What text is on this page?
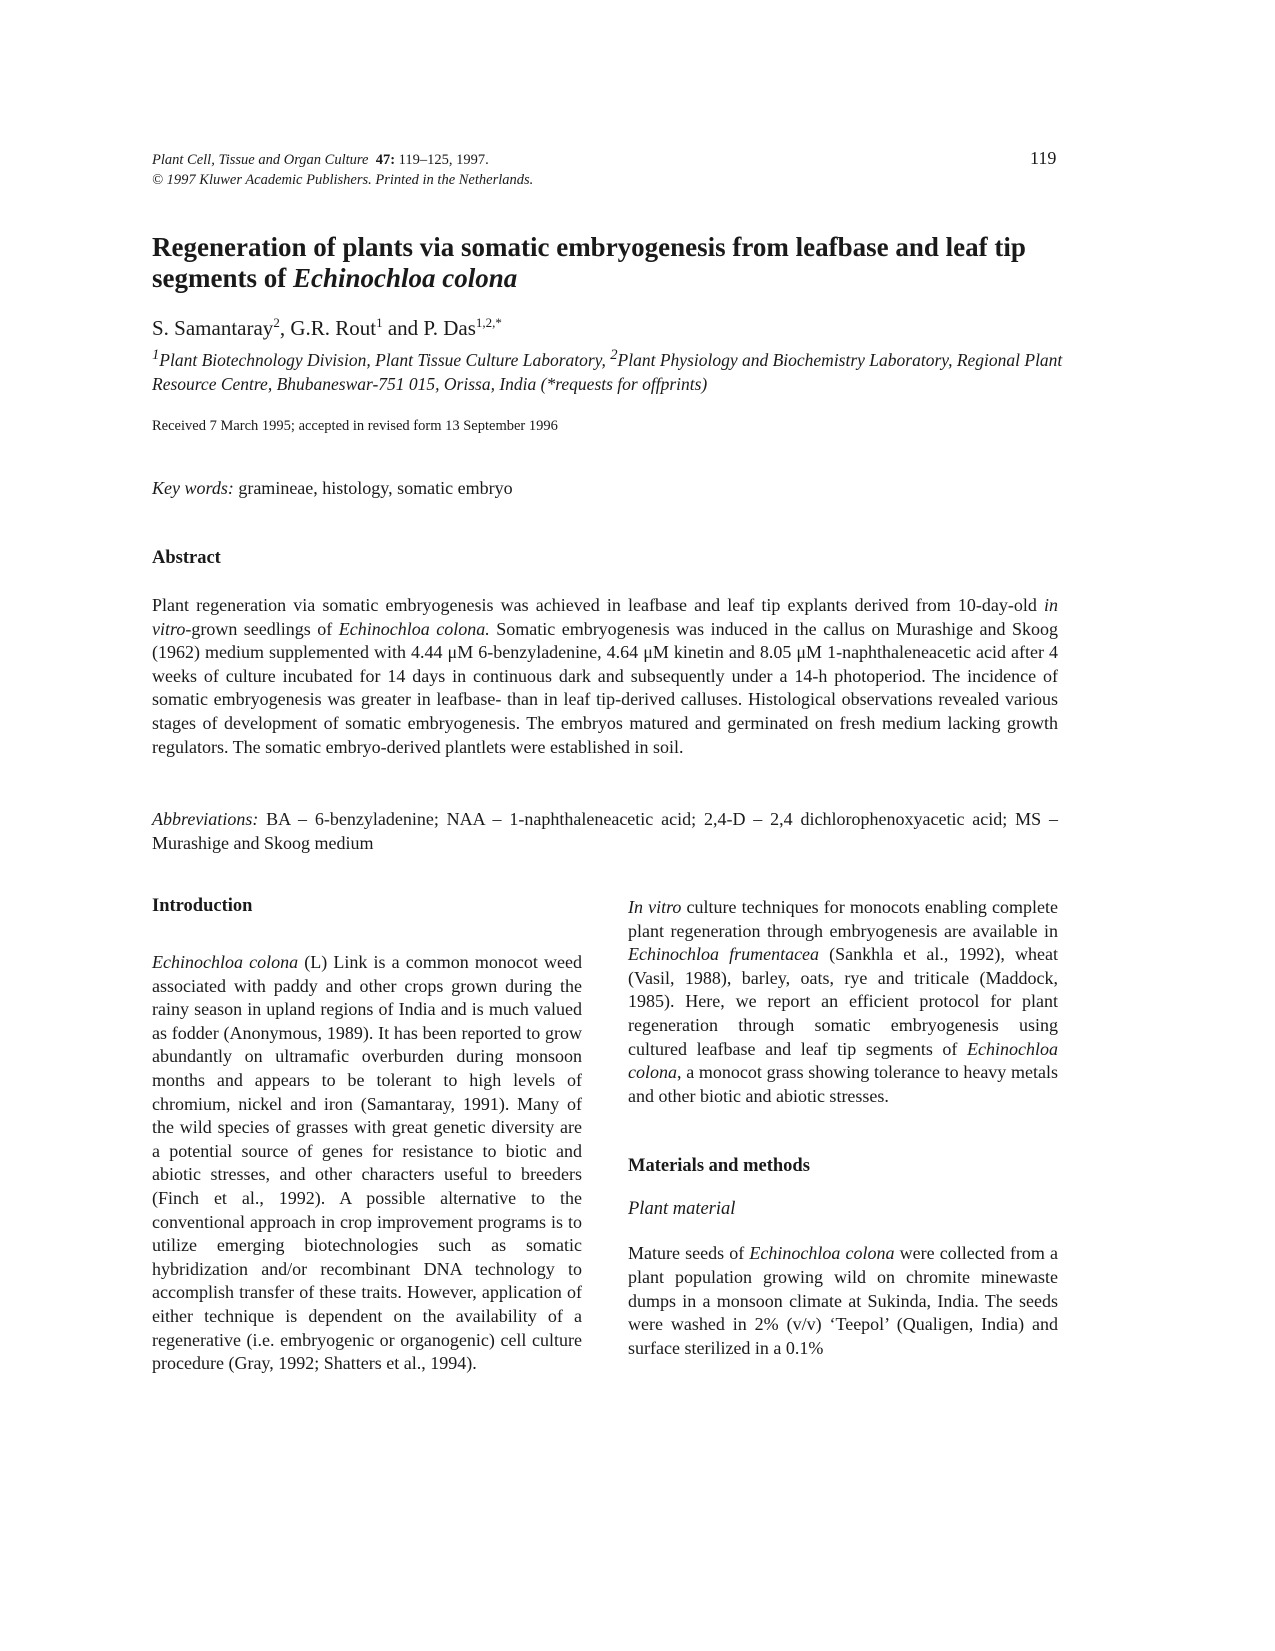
Plant Cell, Tissue and Organ Culture 47: 119–125, 1997.
© 1997 Kluwer Academic Publishers. Printed in the Netherlands.
119
Regeneration of plants via somatic embryogenesis from leafbase and leaf tip segments of Echinochloa colona
S. Samantaray$^2$, G.R. Rout$^1$ and P. Das$^{1,2,*}$
$^1$Plant Biotechnology Division, Plant Tissue Culture Laboratory, $^2$Plant Physiology and Biochemistry Laboratory, Regional Plant Resource Centre, Bhubaneswar-751 015, Orissa, India (*requests for offprints)
Received 7 March 1995; accepted in revised form 13 September 1996
Key words: gramineae, histology, somatic embryo
Abstract

Plant regeneration via somatic embryogenesis was achieved in leafbase and leaf tip explants derived from 10-day-old in vitro-grown seedlings of Echinochloa colona. Somatic embryogenesis was induced in the callus on Murashige and Skoog (1962) medium supplemented with 4.44 μM 6-benzyladenine, 4.64 μM kinetin and 8.05 μM 1-naphthaleneacetic acid after 4 weeks of culture incubated for 14 days in continuous dark and subsequently under a 14-h photoperiod. The incidence of somatic embryogenesis was greater in leafbase- than in leaf tip-derived calluses. Histological observations revealed various stages of development of somatic embryogenesis. The embryos matured and germinated on fresh medium lacking growth regulators. The somatic embryo-derived plantlets were established in soil.

Abbreviations: BA – 6-benzyladenine; NAA – 1-naphthaleneacetic acid; 2,4-D – 2,4 dichlorophenoxyacetic acid; MS – Murashige and Skoog medium

Introduction

Echinochloa colona (L) Link is a common monocot weed associated with paddy and other crops grown during the rainy season in upland regions of India and is much valued as fodder (Anonymous, 1989). It has been reported to grow abundantly on ultramafic overburden during monsoon months and appears to be tolerant to high levels of chromium, nickel and iron (Samantaray, 1991). Many of the wild species of grasses with great genetic diversity are a potential source of genes for resistance to biotic and abiotic stresses, and other characters useful to breeders (Finch et al., 1992). A possible alternative to the conventional approach in crop improvement programs is to utilize emerging biotechnologies such as somatic hybridization and/or recombinant DNA technology to accomplish transfer of these traits. However, application of either technique is dependent on the availability of a regenerative (i.e. embryogenic or organogenic) cell culture procedure (Gray, 1992; Shatters et al., 1994).

In vitro culture techniques for monocots enabling complete plant regeneration through embryogenesis are available in Echinochloa frumentacea (Sankhla et al., 1992), wheat (Vasil, 1988), barley, oats, rye and triticale (Maddock, 1985). Here, we report an efficient protocol for plant regeneration through somatic embryogenesis using cultured leafbase and leaf tip segments of Echinochloa colona, a monocot grass showing tolerance to heavy metals and other biotic and abiotic stresses.

Materials and methods
Plant material

Mature seeds of Echinochloa colona were collected from a plant population growing wild on chromite minewaste dumps in a monsoon climate at Sukinda, India. The seeds were washed in 2% (v/v) ‘Teepol’ (Qualigen, India) and surface sterilized in a 0.1%
